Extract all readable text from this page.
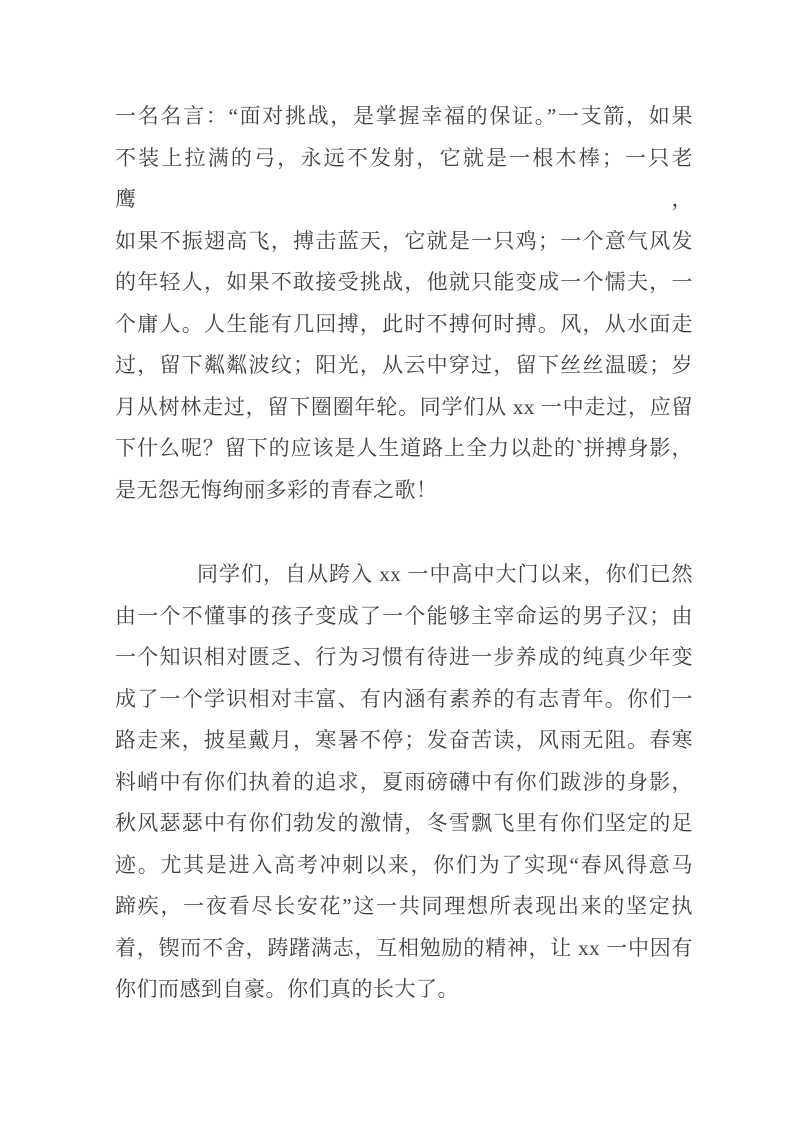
一名名言：“面对挑战，是掌握幸福的保证。”一支箭，如果
不装上拉满的弓，永远不发射，它就是一根木棒；一只老鹰，
如果不振翅高飞，搏击蓝天，它就是一只鸡；一个意气风发
的年轻人，如果不敢接受挑战，他就只能变成一个懦夫，一
个庸人。人生能有几回搏，此时不搏何时搏。风，从水面走
过，留下粼粼波纹；阳光，从云中穿过，留下丝丝温暖；岁
月从树林走过，留下圈圈年轮。同学们从 xx 一中走过，应留
下什么呢？留下的应该是人生道路上全力以赴的`拼搏身影，
是无怨无悔绚丽多彩的青春之歌！
同学们，自从跨入 xx 一中高中大门以来，你们已然
由一个不懂事的孩子变成了一个能够主宰命运的男子汉；由
一个知识相对匮乏、行为习惯有待进一步养成的纯真少年变
成了一个学识相对丰富、有内涵有素养的有志青年。你们一
路走来，披星戴月，寒暑不停；发奋苦读，风雨无阻。春寒
料峭中有你们执着的追求，夏雨磅礴中有你们跋涉的身影，
秋风瑟瑟中有你们勃发的激情，冬雪飘飞里有你们坚定的足
迹。尤其是进入高考冲刺以来，你们为了实现“春风得意马
蹄疾，一夜看尽长安花”这一共同理想所表现出来的坚定执
着，锲而不舍，踌躇满志，互相勉励的精神，让 xx 一中因有
你们而感到自豪。你们真的长大了。
